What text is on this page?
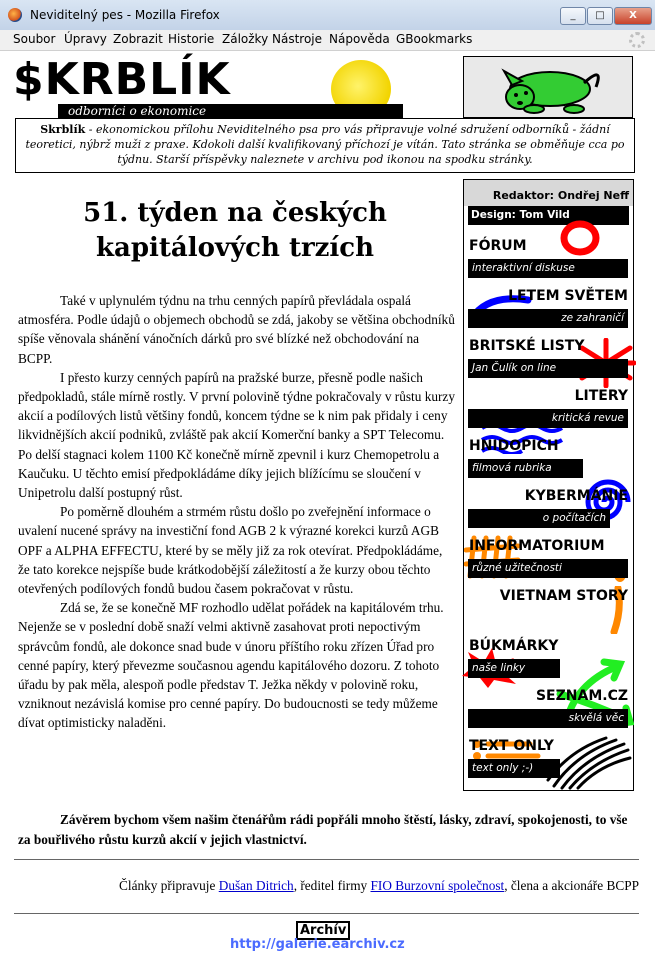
Neviditelný pes - Mozilla Firefox	_	□	X
Soubor Úpravy Zobrazit Historie Záložky Nástroje Nápověda GBookmarks
$KRBLÍK
odborníci o ekonomice
Skrblík - ekonomickou přílohu Neviditelného psa pro vás připravuje volné sdružení odborníků - žádní teoretici, nýbrž muži z praxe. Kdokoli další kvalifikovaný příchozí je vítán. Tato stránka se obměňuje cca po týdnu. Starší příspěvky naleznete v archivu pod ikonou na spodku stránky.
51. týden na českých kapitálových trzích

Také v uplynulém týdnu na trhu cenných papírů převládala ospalá atmosféra. Podle údajů o objemech obchodů se zdá, jakoby se většina obchodníků spíše věnovala shánění vánočních dárků pro své blízké než obchodování na BCPP.

I přesto kurzy cenných papírů na pražské burze, přesně podle našich předpokladů, stále mírně rostly. V první polovině týdne pokračovaly v růstu kurzy akcií a podílových listů většiny fondů, koncem týdne se k nim pak přidaly i ceny likvidnějších akcií podniků, zvláště pak akcií Komerční banky a SPT Telecomu. Po delší stagnaci kolem 1100 Kč konečně mírně zpevnil i kurz Chemopetrolu a Kaučuku. U těchto emisí předpokládáme díky jejich blížícímu se sloučení v Unipetrolu další postupný růst.

Po poměrně dlouhém a strmém růstu došlo po zveřejnění informace o uvalení nucené správy na investiční fond AGB 2 k výrazné korekci kurzů AGB OPF a ALPHA EFFECTU, které by se měly již za rok otevírat. Předpokládáme, že tato korekce nejspíše bude krátkodobější záležitostí a že kurzy obou těchto otevřených podílových fondů budou časem pokračovat v růstu.

Zdá se, že se konečně MF rozhodlo udělat pořádek na kapitálovém trhu. Nejenže se v poslední době snaží velmi aktivně zasahovat proti nepoctivým správcům fondů, ale dokonce snad bude v únoru příštího roku zřízen Úřad pro cenné papíry, který převezme současnou agendu kapitálového dozoru. Z tohoto úřadu by pak měla, alespoň podle představ T. Ježka někdy v polovině roku, vzniknout nezávislá komise pro cenné papíry. Do budoucnosti se tedy můžeme dívat optimisticky naladěni.

Závěrem bychom všem našim čtenářům rádi popřáli mnoho štěstí, lásky, zdraví, spokojenosti, to vše za bouřlivého růstu kurzů akcií v jejich vlastnictví.
Články připravuje Dušan Ditrich, ředitel firmy FIO Burzovní společnost, člena a akcionáře BCPP
Archív
http://galerie.earchiv.cz
Redaktor: Ondřej Neff
Design: Tom Vild
FÓRUM
interaktivní diskuse
LETEM SVĚTEM
ze zahraničí
BRITSKÉ LISTY
Jan Čulík on line
LITERY
kritická revue
HNIDOPICH
filmová rubrika
KYBERMÁNIE
o počítačích
INFORMATORIUM
různé užitečnosti
VIETNAM STORY
BÚKMÁRKY
naše linky
SEZNAM.CZ
skvělá věc
TEXT ONLY
text only ;-)
